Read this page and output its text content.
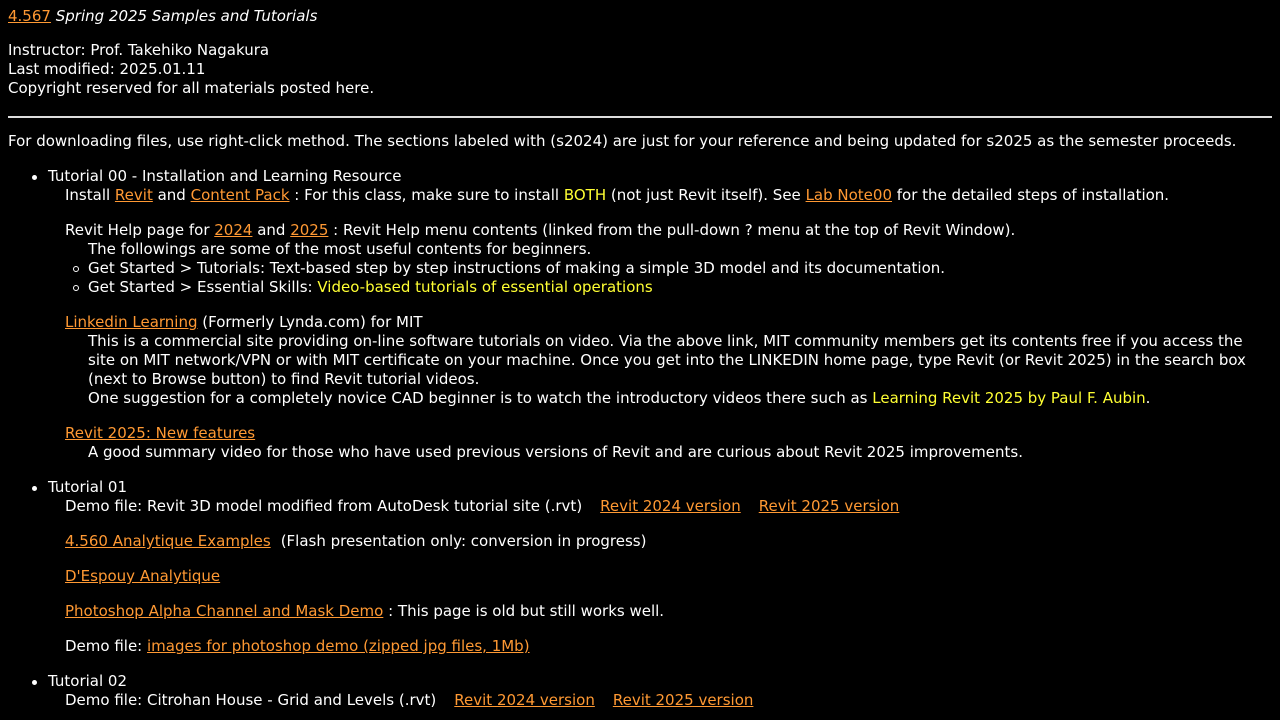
4.567 Spring 2025 Samples and Tutorials
Instructor: Prof. Takehiko Nagakura
Last modified: 2025.01.11
Copyright reserved for all materials posted here.
For downloading files, use right-click method. The sections labeled with (s2024) are just for your reference and being updated for s2025 as the semester proceeds.
Tutorial 00 - Installation and Learning Resource
Install Revit and Content Pack : For this class, make sure to install BOTH (not just Revit itself). See Lab Note00 for the detailed steps of installation.
Revit Help page for 2024 and 2025 : Revit Help menu contents (linked from the pull-down ? menu at the top of Revit Window).
The followings are some of the most useful contents for beginners.
Get Started > Tutorials: Text-based step by step instructions of making a simple 3D model and its documentation.
Get Started > Essential Skills: Video-based tutorials of essential operations
Linkedin Learning (Formerly Lynda.com) for MIT
This is a commercial site providing on-line software tutorials on video. Via the above link, MIT community members get its contents free if you access the site on MIT network/VPN or with MIT certificate on your machine. Once you get into the LINKEDIN home page, type Revit (or Revit 2025) in the search box (next to Browse button) to find Revit tutorial videos.
One suggestion for a completely novice CAD beginner is to watch the introductory videos there such as Learning Revit 2025 by Paul F. Aubin.
Revit 2025: New features
A good summary video for those who have used previous versions of Revit and are curious about Revit 2025 improvements.
Tutorial 01
Demo file: Revit 3D model modified from AutoDesk tutorial site (.rvt) Revit 2024 version Revit 2025 version
4.560 Analytique Examples (Flash presentation only: conversion in progress)
D'Espouy Analytique
Photoshop Alpha Channel and Mask Demo : This page is old but still works well.
Demo file: images for photoshop demo (zipped jpg files, 1Mb)
Tutorial 02
Demo file: Citrohan House - Grid and Levels (.rvt) Revit 2024 version Revit 2025 version
